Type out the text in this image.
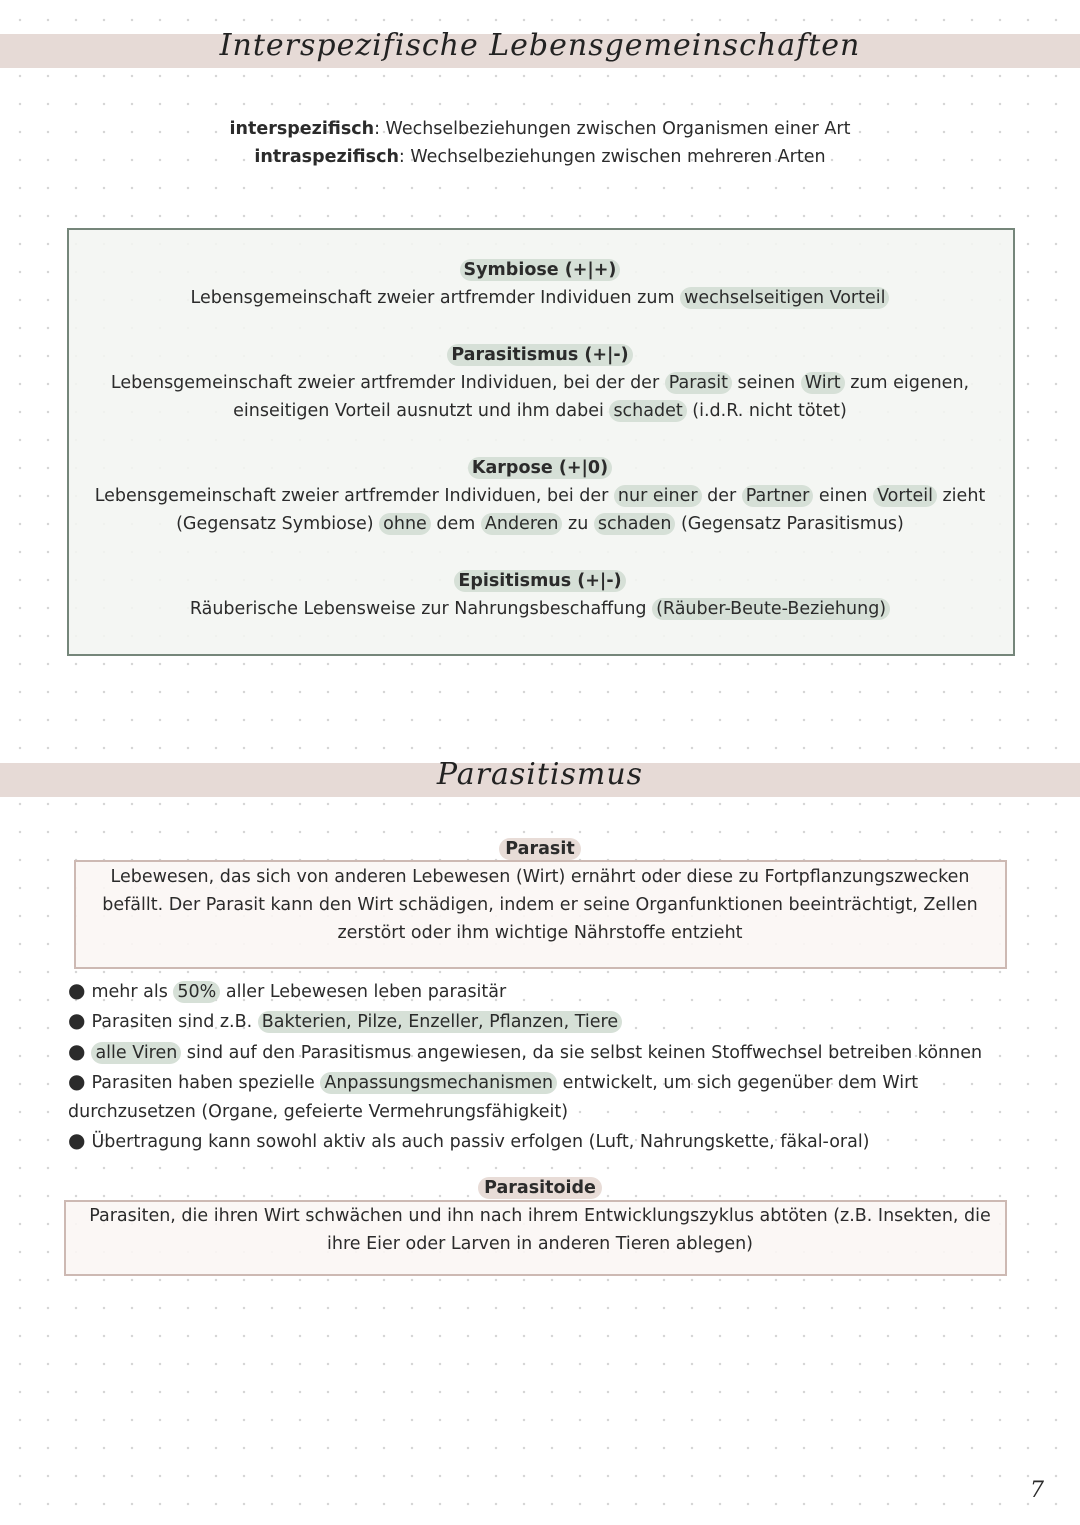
Interspezifische Lebensgemeinschaften
interspezifisch: Wechselbeziehungen zwischen Organismen einer Art
intraspezifisch: Wechselbeziehungen zwischen mehreren Arten
Symbiose (+|+)
Lebensgemeinschaft zweier artfremder Individuen zum wechselseitigen Vorteil
Parasitismus (+|-)
Lebensgemeinschaft zweier artfremder Individuen, bei der der Parasit seinen Wirt zum eigenen,
einseitigen Vorteil ausnutzt und ihm dabei schadet (i.d.R. nicht tötet)
Karpose (+|0)
Lebensgemeinschaft zweier artfremder Individuen, bei der nur einer der Partner einen Vorteil zieht
(Gegensatz Symbiose) ohne dem Anderen zu schaden (Gegensatz Parasitismus)
Episitismus (+|-)
Räuberische Lebensweise zur Nahrungsbeschaffung (Räuber-Beute-Beziehung)
Parasitismus
Parasit
Lebewesen, das sich von anderen Lebewesen (Wirt) ernährt oder diese zu Fortpflanzungszwecken
befällt. Der Parasit kann den Wirt schädigen, indem er seine Organfunktionen beeinträchtigt, Zellen
zerstört oder ihm wichtige Nährstoffe entzieht
● mehr als 50% aller Lebewesen leben parasitär
● Parasiten sind z.B. Bakterien, Pilze, Enzeller, Pflanzen, Tiere
● alle Viren sind auf den Parasitismus angewiesen, da sie selbst keinen Stoffwechsel betreiben können
● Parasiten haben spezielle Anpassungsmechanismen entwickelt, um sich gegenüber dem Wirt
durchzusetzen (Organe, gefeierte Vermehrungsfähigkeit)
● Übertragung kann sowohl aktiv als auch passiv erfolgen (Luft, Nahrungskette, fäkal-oral)
Parasitoide
Parasiten, die ihren Wirt schwächen und ihn nach ihrem Entwicklungszyklus abtöten (z.B. Insekten, die
ihre Eier oder Larven in anderen Tieren ablegen)
7
